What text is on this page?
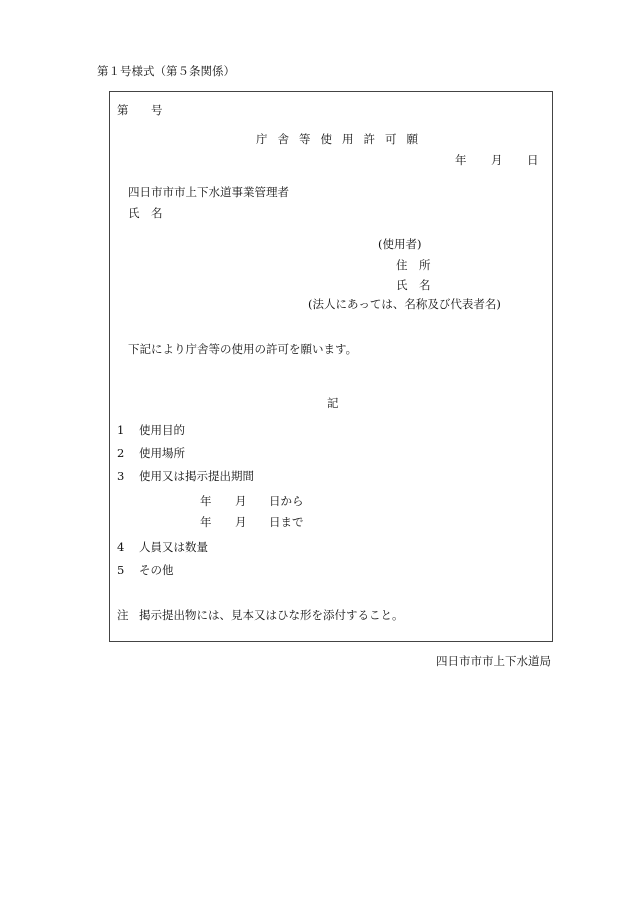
第１号様式（第５条関係）
第 号
庁舎等使用許可願
年 月 日
四日市市市上下水道事業管理者
氏　名
(使用者)
住　所
氏　名
(法人にあっては、名称及び代表者名)
下記により庁舎等の使用の許可を願います。
記
1 使用目的
2 使用場所
3 使用又は掲示提出期間
年 月 日から
年 月 日まで
4 人員又は数量
5 その他
注 掲示提出物には、見本又はひな形を添付すること。
四日市市市上下水道局
